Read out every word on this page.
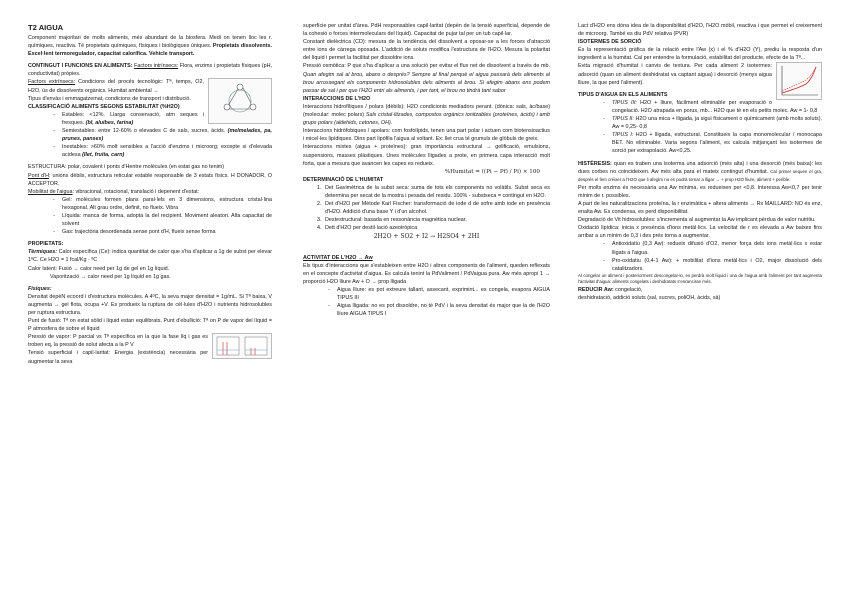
T2 AIGUA

Component majoritari de molts aliments, més abundant de la biosfera. Medi on tenen lloc les r. químiques, reactiva. Té propietats químiques, físiques i biològiques úniques. Propietats dissolvents. Excel·lent termoregulador, capacitat calorífica. Vehicle transport.

CONTINGUT I FUNCIONS EN ALIMENTS: Factors intrínsecs: Flora, enzims i propietats físiques (pH, conductivitat) pròpies.

Factors extrínsecs: Condicions del procés tecnològic: Tª, temps, O2, H2O, ús de dissolvents orgànics. Humitat ambiental →

Tipus d'envàs i emmagatzemat, condicions de transport i distribució.

CLASSIFICACIÓ ALIMENTS SEGONS ESTABILITAT (%H2O)

- Estables: <12%. Llarga conservació, atm seques i fresques. (bl, aluibes, farina)
- Semiestables: entre 12-60% o elevades C de sals, sucres, àcids. (melmelades, pa, prunes, panses)
- Inestables: >60% molt sensibles a l'acció d'enzims i microorg; excepte si d'elevada acidesa (llet, fruita, carn)

ESTRUCTURA: polar, covalent i ponts d'Hentre molècules (en estat gas no tenim)

Pont d'H: unions dèbils, estructura reticular estable responsable de 3 estats físics. H DONADOR, O ACCEPTOR.

Mobilitat de l'aigua: vibracional, rotacional, translació i depenent d'estat:

- Gel: molècules formen plans paral·lels en 3 dimensions, estructura cristal·lina hexagonal. Alt grau ordre, definit, no flueix. Vibra
- Líquida: manca de forma, adopta la del recipient. Moviment aleatori. Alta capacitat de solvent
- Gas: trajectòria desordenada sense pont d'H, flueix sense forma

PROPIETATS:

Tèrmiques: Calor específica (Ce): indica quantitat de calor que s'ha d'aplicar a 1g de subst per elevar 1ºC. Ce H2O = 1 fcal/Kg · ºC

Calor latent: Fusió → calor need per 1g de gel en 1g líquid.

Vaporització → calor need per 1g líquid en 1g gas.

Físiques:

Densitat depèN ecoord i d'estructura molècules. A 4ºC, la seva major densitat = 1g/mL. Si Tª baixa, V augmenta → gel flota, ocupa +V. Es produeix la ruptura de cèl·lules d'H2O i nutrients hidrosolubles per ruptura estructura.

Punt de fusió: Tª on estat sòlid i líquid estan equilibrats. Punt d'ebullició: Tª on P de vapor del líquid = P atmosfera de sobre el líquid

Pressió de vapor: P parcial vs Tª específica en la que la fase líq i gas es troben eq, la pressió de solut afecta a la P V

Tensió superficial i capil·laritat: Energia (existència) necessària per augmentar la seva

superfície per unitat d'àrea. PdH responsables capil·laritat (depèn de la tensió superficial, depende de la cohesió o forces intermoleculars del líquid). Capacitat de pujar tal per un tub capil·lar.

Constant dielèctrica (CD): mesura de la tendència del dissolvent a oposar-se a les forces d'atracció entre ions de càrrega oposada. L'addició de soluts modifica l'estructura de l'H2O. Mesura la polaritat del líquid i permet la facilitat per dissoldre ions.

Pressió osmòtica: P que s'ha d'aplicar a una solució per evitar el flux net de dissolvent a través de mb. Quan afegim sal al brou, abans o després? Sempre al final perquè el aigua passarà dels aliments al brou arrossegant els components hidrosolubles dels aliments al brou. Si afegim abans ens podem passar de sal i per que l'H2O entri als aliments, i per tant, el brou no tindrà tant sabor

INTERACCIONS DE L'H2O

Interaccions hidrofíliques / polars (dèbils): H2O condicionis mediadors perant. (dònica: sals, àc/base) (molecular: molec polars) Sals cristal·litzades, compostos orgànics ionitzables (proteïnes, àcids) i amb grups polars (aldehids, cetones, OH).

Interaccions hidròfobiques / apolars: com fosfolípids, tenen una part polar i actuen com biotensioactius i micel·les lipídiques. Dins part lipòfila l'aigua al voltant. Ex: llet crua té grumuls de glòbuls de greix.

Interaccions mixtes (aigua + proteïnes): gran importància estructural → gelificació, emulsions, suspensions, masses plàstiques. Unes molècules lligades a prote, en primera capa interacció molt forta, que a mesura que avancen les capes es redueix.

%Humitat = ((Pi − Pf) / Pi) × 100

DETERMINACIÓ DE L'HUMITAT

1. Det Gavimètrica de la subst seca: suma de tots els components no volàtils. Subst seca es determina per secat de la mostra i pesada del residu. 100% - substseca = contingut en H2O.
2. Det d'H2O per Mètode Karl Fischer: transformació de iode d de sofre amb iode en presència d'H2O. Addició d'una base Y i d'un alcohol.
3. Destestructural: basada en ressonància magnètica nuclear.
4. Dett d'H2O per destil·lació azeotròpica

2H2O + SO2 + I2 → H2SO4 + 2HI

ACTIVITAT DE L'H2O → Aw

Els tipus d'interaccions que s'estableixen entre H2O i altres components de l'aliment, queden reflexats en el concepte d'activitat d'aigua. Es calcula tenint la PdValiment / PdVaigua pura. Aw més apropi 1 → proporció H2O lliure Aw + O → prop lligada

- Aigua lliure: es pot extreure tallant, assecant, exprimint... es congela, evapora AIGUA TIPUS III
- Aigua lligada: no es pot dissoldre, no té PdV i la seva densitat és major que la de l'H2O lliure AIGUA TIPUS I

Lact d'H2O ens dóna idea de la disponibilitat d'H2O, l'H2O mòbil, reactiva i que permet el creixement de microorg. També es diu PdV relativa (PVR)

ISOTERMES DE SORCIÓ

És la representació gràfica de la relació entre l'Aw (x) i el % d'H2O (Y), prediu la resposta d'un ingredient a la humitat. Cal per entendre la formulació, estabilitat del producte, efecte de la Tª...

Evita migració d'humitat i canvis de textura. Per cada aliment 2 isotermes: adsorció (quan un aliment deshidratat va captant aigua) i desorció (menys aigua lliure, la que perd l'aliment).

TIPUS D'AIGUA EN ELS ALIMENTS

- TIPUS III: H2O + lliure, fàcilment eliminable per evaporació o congelació. H2O atrapada en porus, mb... H2O que té en els petits molec. Aw = 1- 0,8
- TIPUS II: H2O una mica + lligada, ja sigui físicament o químicament (amb molts soluts). Aw = 0,25- 0,8
- TIPUS I: H2O + lligada, estructural. Constitueix la capa monomolecular / monocapa BET. No eliminable. Varia segons l'aliment, es calcula mitjançant les isotermes de sorció per extrapolació. Aw<0,25.

HISTÈRESIS: quan es traben una isoterma una adsorció (més alta) i una desorció (més baixa): les dues corbes no coincideixen. Aw més alta para el mateix contingut d'humitat. Cal primer sequen el gra, després el fem créixer a l'H2O que li afegim no es podrà tornar a lligar → + prop H2O lliure, aliment + perible.

Per molts enzims és necessària una Aw mínima, es redueixen per <0,8. Interessa Aw<0,7 per tenir mínim de r. possibles.

A part de les naturalitzacions proteïna, la r enzimàtica + altera aliments → Rx MAILLARD: NO és enz, enalta Aw. Es condensa, es perd disponibilitat.

Degradació de Vit hidrosolubles: s'incrementa al augmentar la Aw implicant pèrdua de valor nutritiu.

Oxidació lipídica: inicia x presència d'ions metàl·lics. La velocitat de r es elevada a Aw baixes fins arribar a un mínim de 0,3 i des prés torna a augmentar.

- Antioxidatiu (0,3 Aw): redueix difusió d'O2, menor força dels ions metàl·lics x estar lligats a l'aigua.
- Pro-oxidatiu (0,4-1 Aw): + mobilitat d'ions metàl·lics i O2, major dissolució dels catalitzadors.

Al congelar un aliment i posteriorment descongelar-lo, es perdrà molt líquid i una de l'aigua amb l'aliment per tant augmenta l'activitat d'aigua: aliments congelats i deshidratats s'enranciran més.

REDUCIR Aw: congelació,

deshidratació, addició soluts (sal, sucres, poliOH, àcids, sà)
